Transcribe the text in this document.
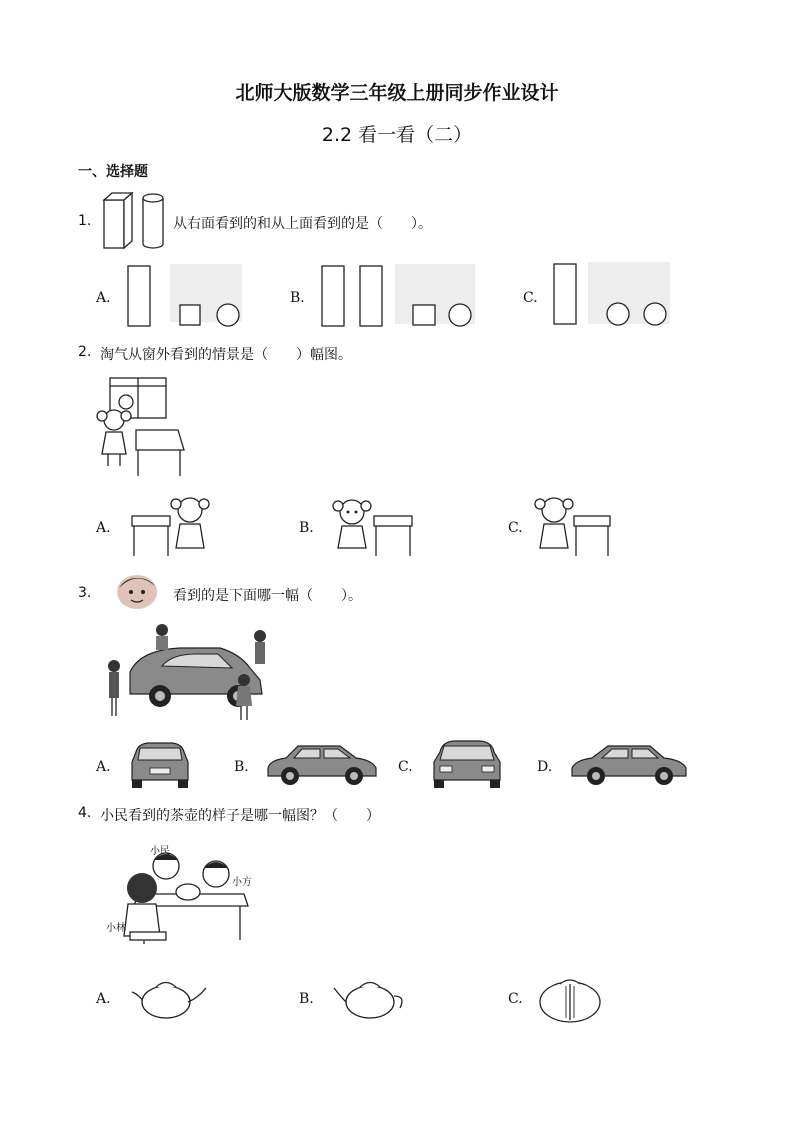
北师大版数学三年级上册同步作业设计
2.2 看一看（二）
一、选择题
1.	从右面看到的和从上面看到的是（　　）。
A.	B.	C.
2. 淘气从窗外看到的情景是（　　）幅图。
A.	B.	C.
3.	看到的是下面哪一幅（　　）。
A.	B.	C.	D.
4. 小民看到的茶壶的样子是哪一幅图？（　　）
小民
小方
小林
A.	B.	C.
